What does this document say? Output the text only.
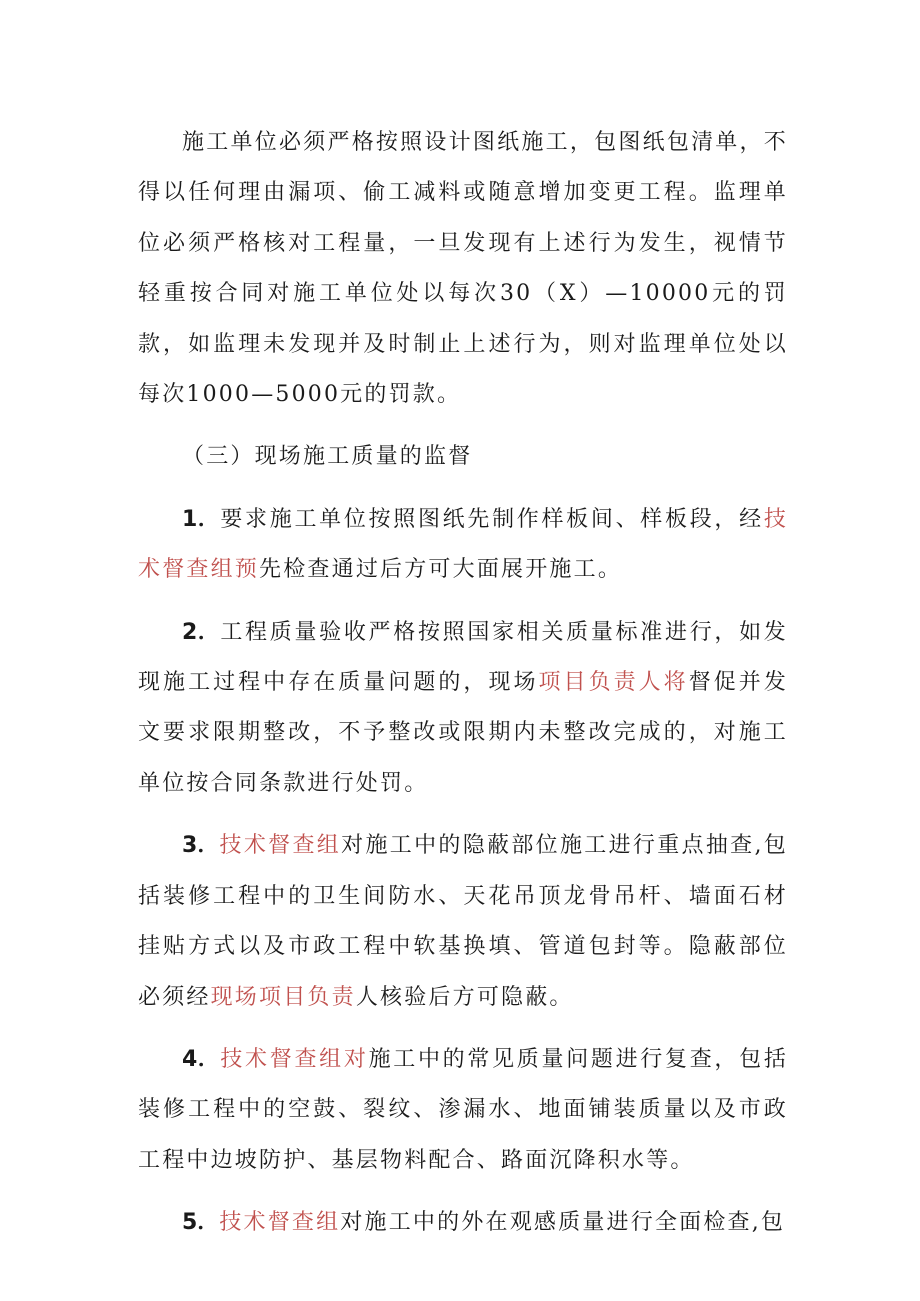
施工单位必须严格按照设计图纸施工，包图纸包清单，不得以任何理由漏项、偷工减料或随意增加变更工程。监理单位必须严格核对工程量，一旦发现有上述行为发生，视情节轻重按合同对施工单位处以每次30（X）—10000元的罚款，如监理未发现并及时制止上述行为，则对监理单位处以每次1000—5000元的罚款。

（三）现场施工质量的监督

1．要求施工单位按照图纸先制作样板间、样板段，经技术督查组预先检查通过后方可大面展开施工。

2．工程质量验收严格按照国家相关质量标准进行，如发现施工过程中存在质量问题的，现场项目负责人将督促并发文要求限期整改，不予整改或限期内未整改完成的，对施工单位按合同条款进行处罚。

3．技术督查组对施工中的隐蔽部位施工进行重点抽查,包括装修工程中的卫生间防水、天花吊顶龙骨吊杆、墙面石材挂贴方式以及市政工程中软基换填、管道包封等。隐蔽部位必须经现场项目负责人核验后方可隐蔽。

4．技术督查组对施工中的常见质量问题进行复查，包括装修工程中的空鼓、裂纹、渗漏水、地面铺装质量以及市政工程中边坡防护、基层物料配合、路面沉降积水等。

5．技术督查组对施工中的外在观感质量进行全面检查,包
